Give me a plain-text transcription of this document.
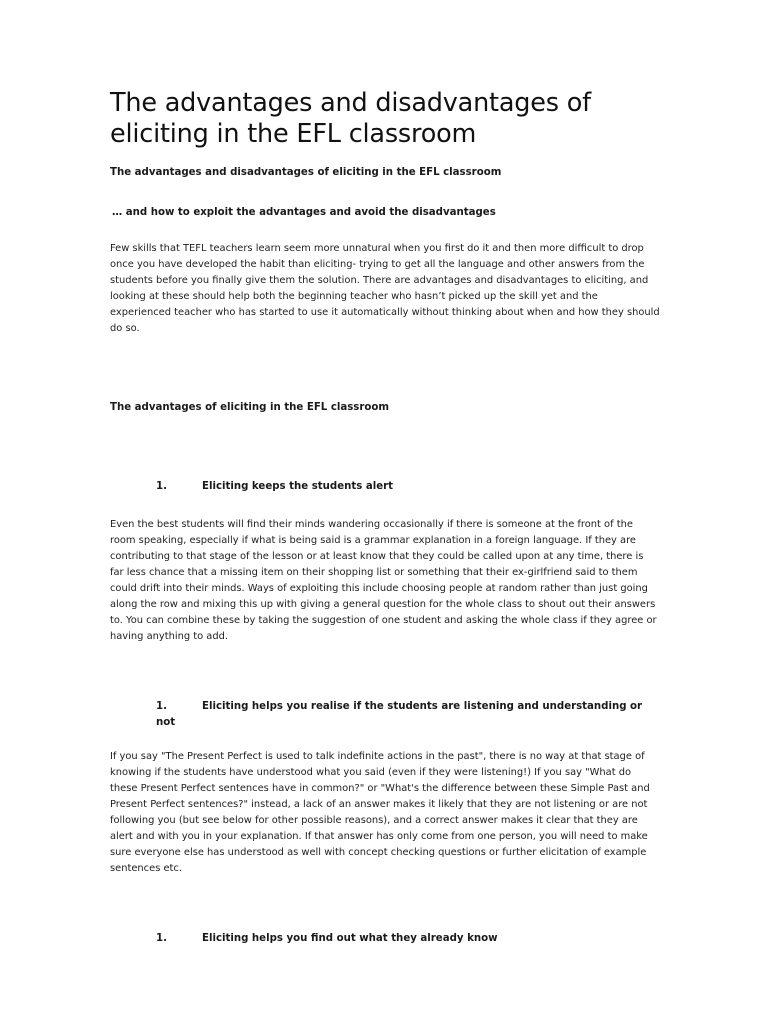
The advantages and disadvantages of eliciting in the EFL classroom
The advantages and disadvantages of eliciting in the EFL classroom
… and how to exploit the advantages and avoid the disadvantages

Few skills that TEFL teachers learn seem more unnatural when you first do it and then more difficult to drop once you have developed the habit than eliciting- trying to get all the language and other answers from the students before you finally give them the solution. There are advantages and disadvantages to eliciting, and looking at these should help both the beginning teacher who hasn’t picked up the skill yet and the experienced teacher who has started to use it automatically without thinking about when and how they should do so.

The advantages of eliciting in the EFL classroom
1.	Eliciting keeps the students alert

Even the best students will find their minds wandering occasionally if there is someone at the front of the room speaking, especially if what is being said is a grammar explanation in a foreign language. If they are contributing to that stage of the lesson or at least know that they could be called upon at any time, there is far less chance that a missing item on their shopping list or something that their ex-girlfriend said to them could drift into their minds. Ways of exploiting this include choosing people at random rather than just going along the row and mixing this up with giving a general question for the whole class to shout out their answers to. You can combine these by taking the suggestion of one student and asking the whole class if they agree or having anything to add.

1.	Eliciting helps you realise if the students are listening and understanding or not

If you say "The Present Perfect is used to talk indefinite actions in the past", there is no way at that stage of knowing if the students have understood what you said (even if they were listening!) If you say "What do these Present Perfect sentences have in common?" or "What's the difference between these Simple Past and Present Perfect sentences?" instead, a lack of an answer makes it likely that they are not listening or are not following you (but see below for other possible reasons), and a correct answer makes it clear that they are alert and with you in your explanation. If that answer has only come from one person, you will need to make sure everyone else has understood as well with concept checking questions or further elicitation of example sentences etc.

1.	Eliciting helps you find out what they already know
